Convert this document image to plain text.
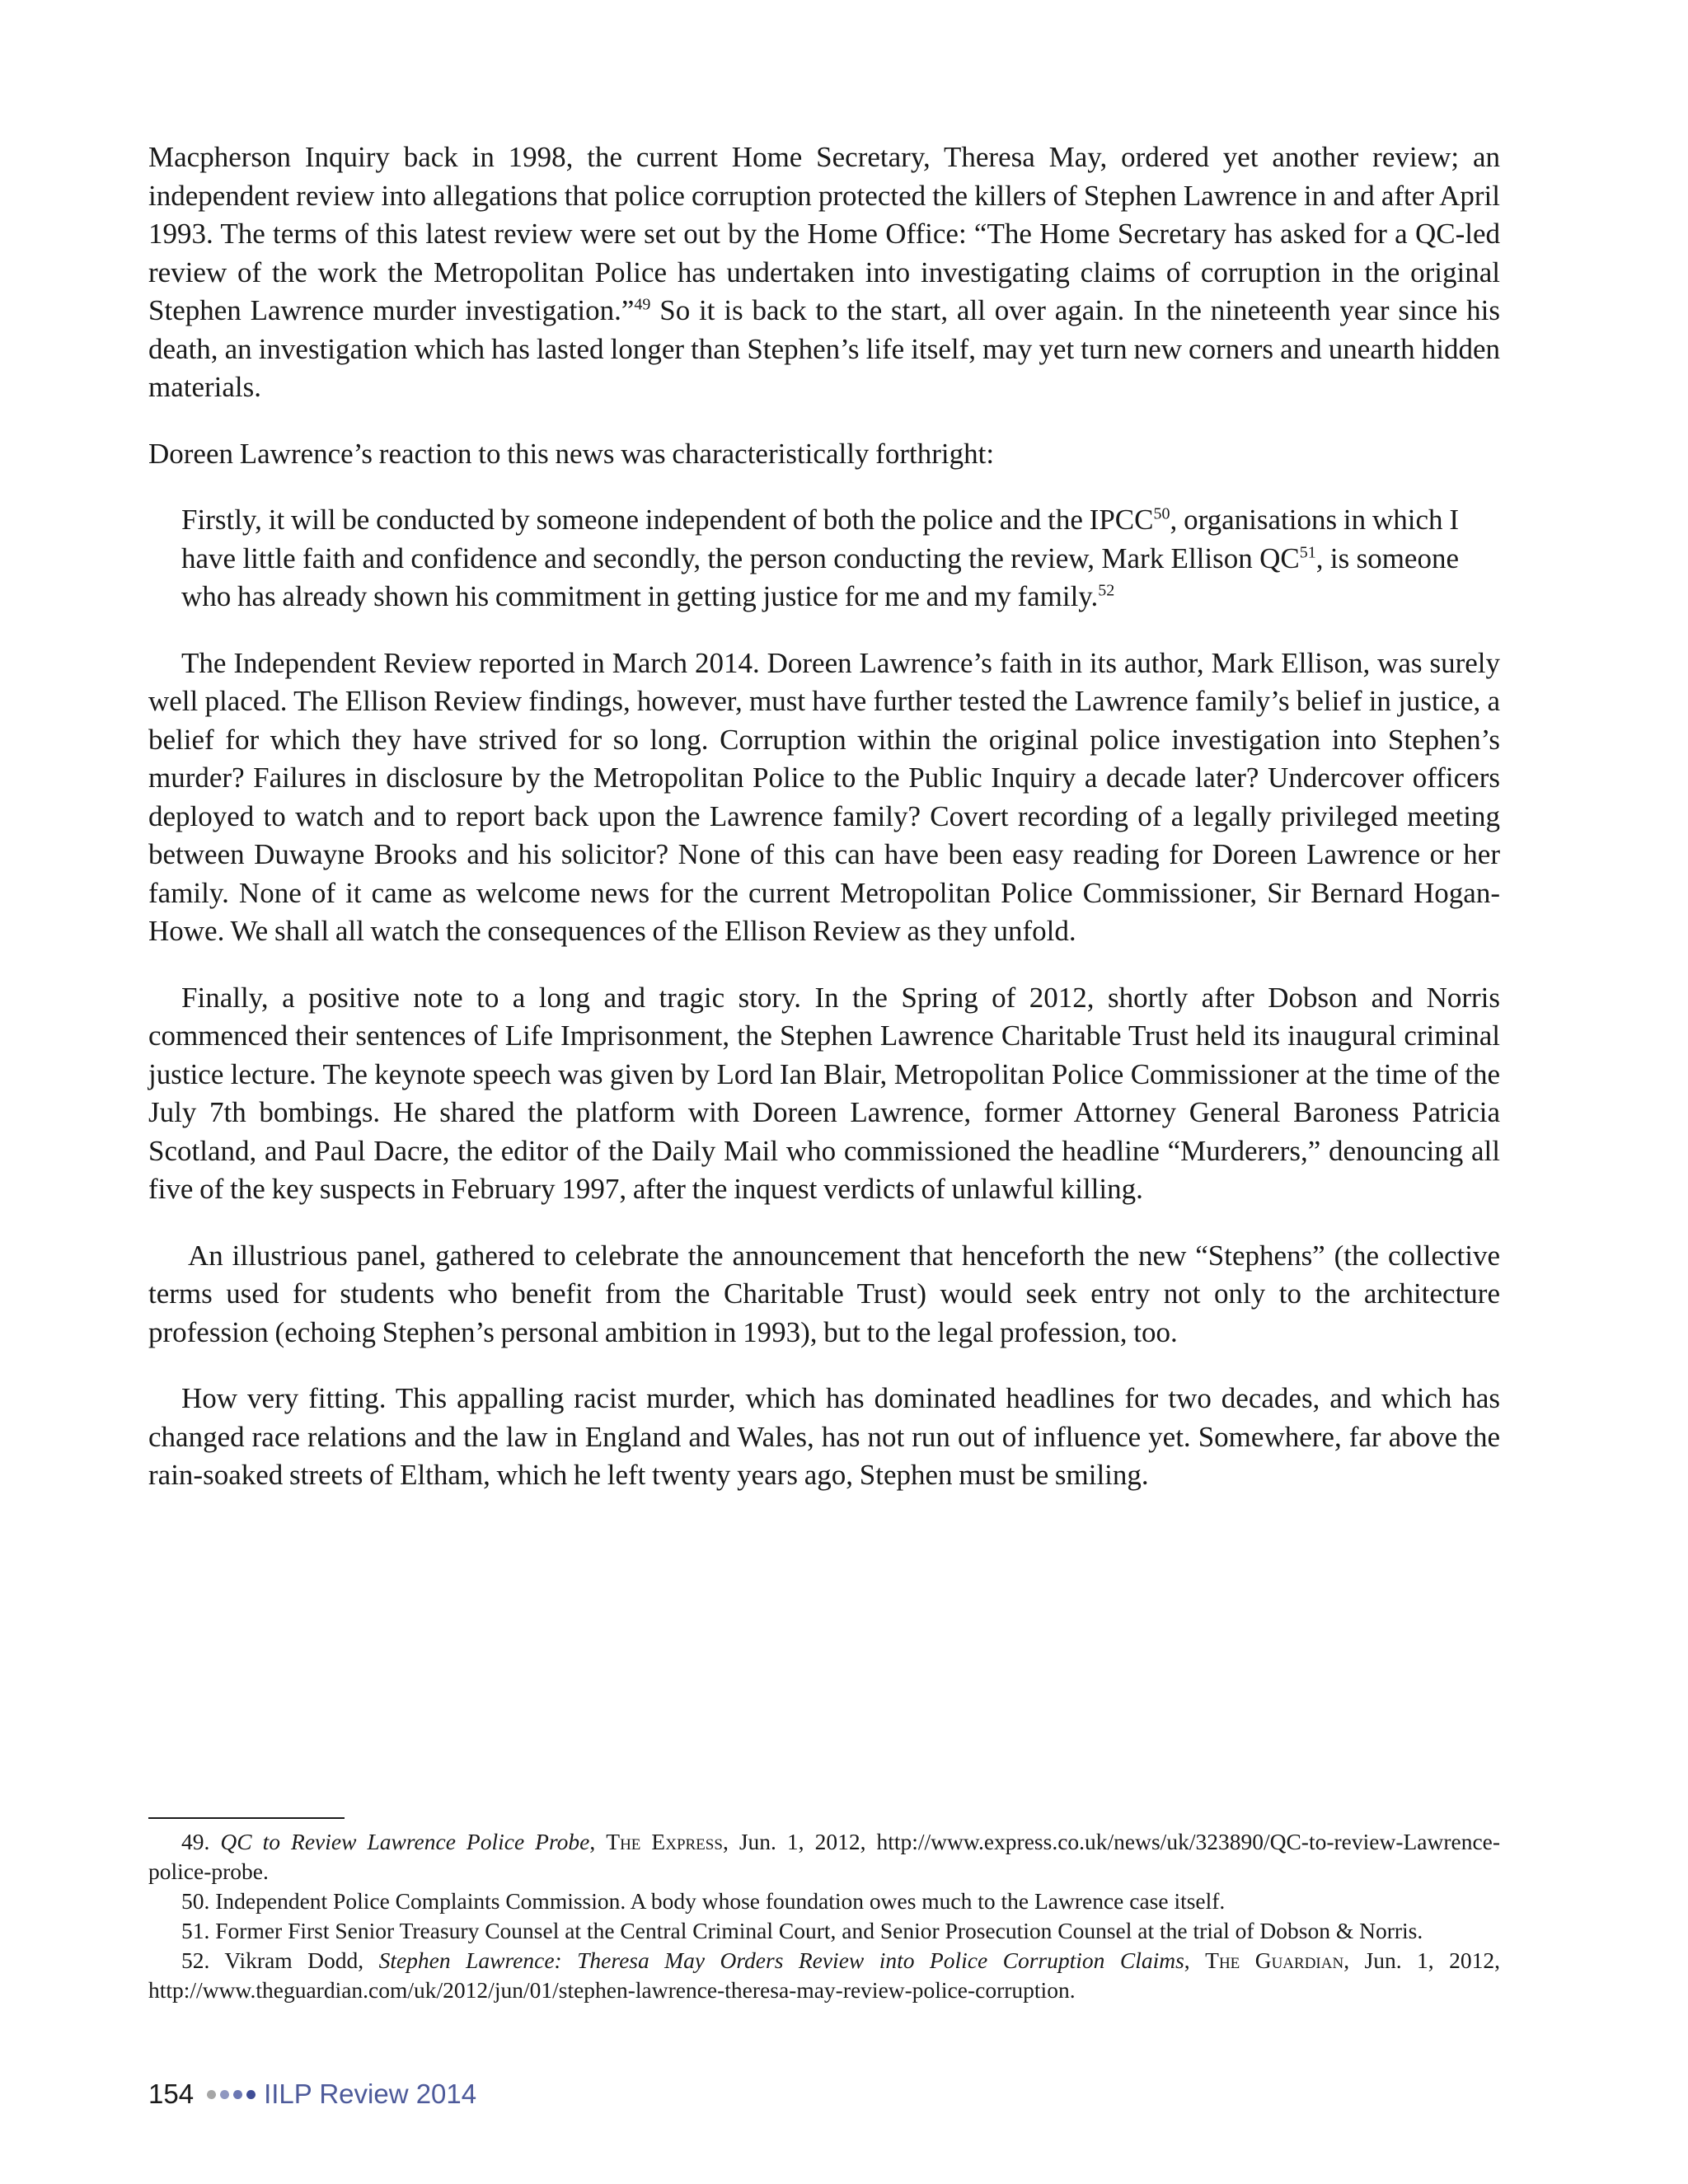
Macpherson Inquiry back in 1998, the current Home Secretary, Theresa May, ordered yet another review; an independent review into allegations that police corruption protected the killers of Stephen Lawrence in and after April 1993. The terms of this latest review were set out by the Home Office: “The Home Secretary has asked for a QC-led review of the work the Metropolitan Police has undertaken into investigating claims of corruption in the original Stephen Lawrence murder investigation.”$^{49}$ So it is back to the start, all over again. In the nineteenth year since his death, an investigation which has lasted longer than Stephen’s life itself, may yet turn new corners and unearth hidden materials.

Doreen Lawrence’s reaction to this news was characteristically forthright:

Firstly, it will be conducted by someone independent of both the police and the IPCC$^{50}$, organisations in which I have little faith and confidence and secondly, the person conducting the review, Mark Ellison QC$^{51}$, is someone who has already shown his commitment in getting justice for me and my family.$^{52}$

The Independent Review reported in March 2014. Doreen Lawrence’s faith in its author, Mark Ellison, was surely well placed. The Ellison Review findings, however, must have further tested the Lawrence family’s belief in justice, a belief for which they have strived for so long. Corruption within the original police investigation into Stephen’s murder? Failures in disclosure by the Metropolitan Police to the Public Inquiry a decade later? Undercover officers deployed to watch and to report back upon the Lawrence family? Covert recording of a legally privileged meeting between Duwayne Brooks and his solicitor? None of this can have been easy reading for Doreen Lawrence or her family. None of it came as welcome news for the current Metropolitan Police Commissioner, Sir Bernard Hogan-Howe. We shall all watch the consequences of the Ellison Review as they unfold.

Finally, a positive note to a long and tragic story. In the Spring of 2012, shortly after Dobson and Norris commenced their sentences of Life Imprisonment, the Stephen Lawrence Charitable Trust held its inaugural criminal justice lecture. The keynote speech was given by Lord Ian Blair, Metropolitan Police Commissioner at the time of the July 7th bombings. He shared the platform with Doreen Lawrence, former Attorney General Baroness Patricia Scotland, and Paul Dacre, the editor of the Daily Mail who commissioned the headline “Murderers,” denouncing all five of the key suspects in February 1997, after the inquest verdicts of unlawful killing.

An illustrious panel, gathered to celebrate the announcement that henceforth the new “Stephens” (the collective terms used for students who benefit from the Charitable Trust) would seek entry not only to the architecture profession (echoing Stephen’s personal ambition in 1993), but to the legal profession, too.

How very fitting. This appalling racist murder, which has dominated headlines for two decades, and which has changed race relations and the law in England and Wales, has not run out of influence yet. Somewhere, far above the rain-soaked streets of Eltham, which he left twenty years ago, Stephen must be smiling.

49. QC to Review Lawrence Police Probe, The Express, Jun. 1, 2012, http://www.express.co.uk/news/uk/323890/QC-to-review-Lawrence-police-probe.

50. Independent Police Complaints Commission. A body whose foundation owes much to the Lawrence case itself.

51. Former First Senior Treasury Counsel at the Central Criminal Court, and Senior Prosecution Counsel at the trial of Dobson & Norris.

52. Vikram Dodd, Stephen Lawrence: Theresa May Orders Review into Police Corruption Claims, The Guardian, Jun. 1, 2012, http://www.theguardian.com/uk/2012/jun/01/stephen-lawrence-theresa-may-review-police-corruption.

154	IILP Review 2014
